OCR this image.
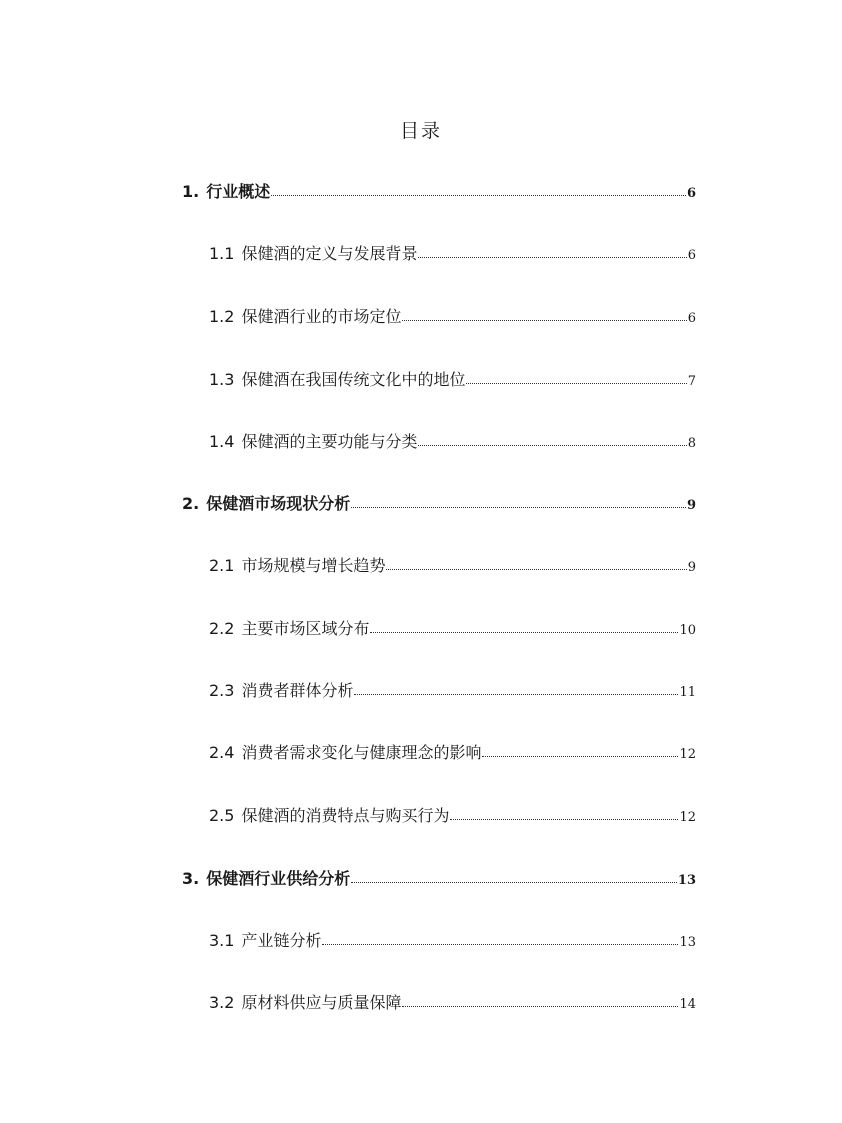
目录
1. 行业概述	6
1.1 保健酒的定义与发展背景	6
1.2 保健酒行业的市场定位	6
1.3 保健酒在我国传统文化中的地位	7
1.4 保健酒的主要功能与分类	8
2. 保健酒市场现状分析	9
2.1 市场规模与增长趋势	9
2.2 主要市场区域分布	10
2.3 消费者群体分析	11
2.4 消费者需求变化与健康理念的影响	12
2.5 保健酒的消费特点与购买行为	12
3. 保健酒行业供给分析	13
3.1 产业链分析	13
3.2 原材料供应与质量保障	14
